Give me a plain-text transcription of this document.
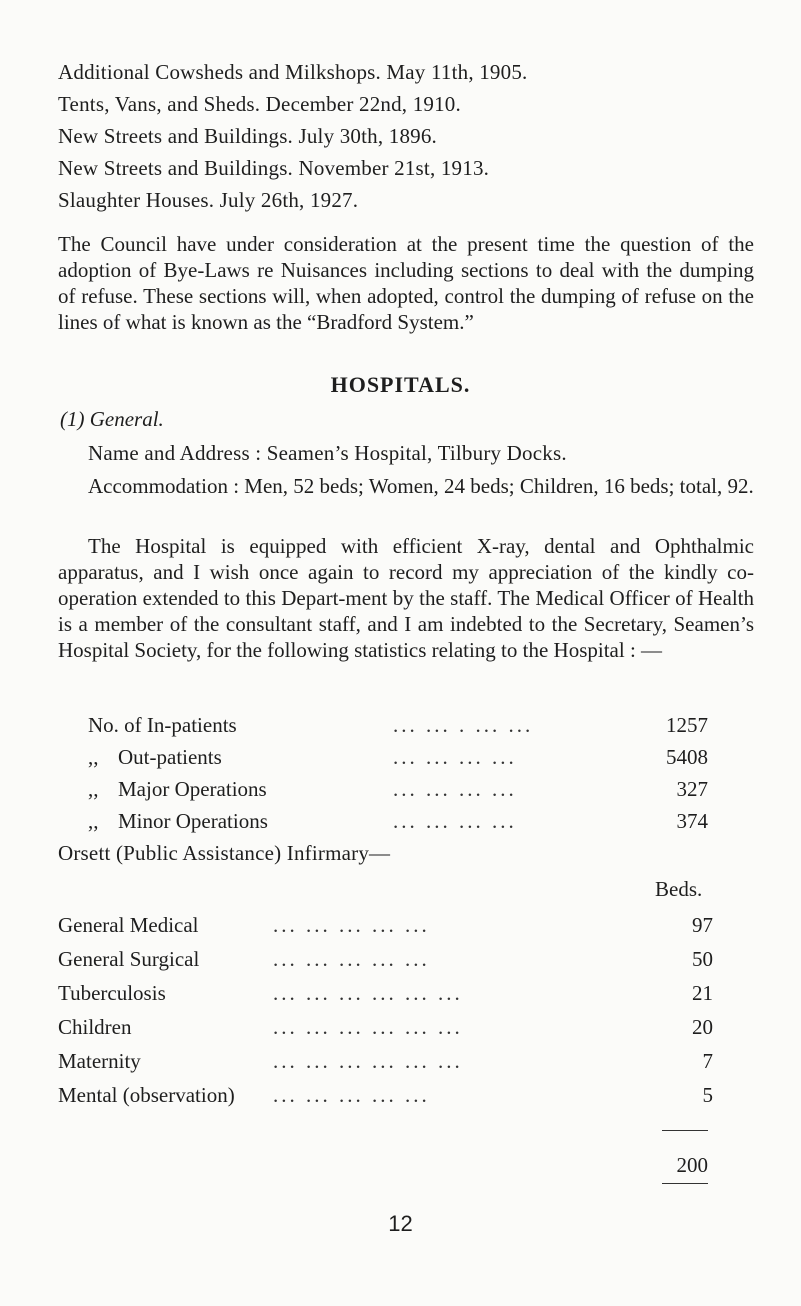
Additional Cowsheds and Milkshops. May 11th, 1905.
Tents, Vans, and Sheds. December 22nd, 1910.
New Streets and Buildings. July 30th, 1896.
New Streets and Buildings. November 21st, 1913.
Slaughter Houses. July 26th, 1927.
The Council have under consideration at the present time the question of the adoption of Bye-Laws re Nuisances including sections to deal with the dumping of refuse. These sections will, when adopted, control the dumping of refuse on the lines of what is known as the “Bradford System.”
HOSPITALS.
(1) General.
Name and Address : Seamen’s Hospital, Tilbury Docks.
Accommodation : Men, 52 beds; Women, 24 beds; Children, 16 beds; total, 92.
The Hospital is equipped with efficient X-ray, dental and Ophthalmic apparatus, and I wish once again to record my appreciation of the kindly co-operation extended to this Depart-ment by the staff. The Medical Officer of Health is a member of the consultant staff, and I am indebted to the Secretary, Seamen’s Hospital Society, for the following statistics relating to the Hospital : —
No. of In-patients	... ... . ... ...	1257
,, Out-patients	... ... ... ...	5408
,, Major Operations	... ... ... ...	327
,, Minor Operations	... ... ... ...	374
Orsett (Public Assistance) Infirmary—
Beds.
General Medical	... ... ... ... ...	97
General Surgical	... ... ... ... ...	50
Tuberculosis	... ... ... ... ... ...	21
Children	... ... ... ... ... ...	20
Maternity	... ... ... ... ... ...	7
Mental (observation) ... ... ... ... ...	5
200
12
